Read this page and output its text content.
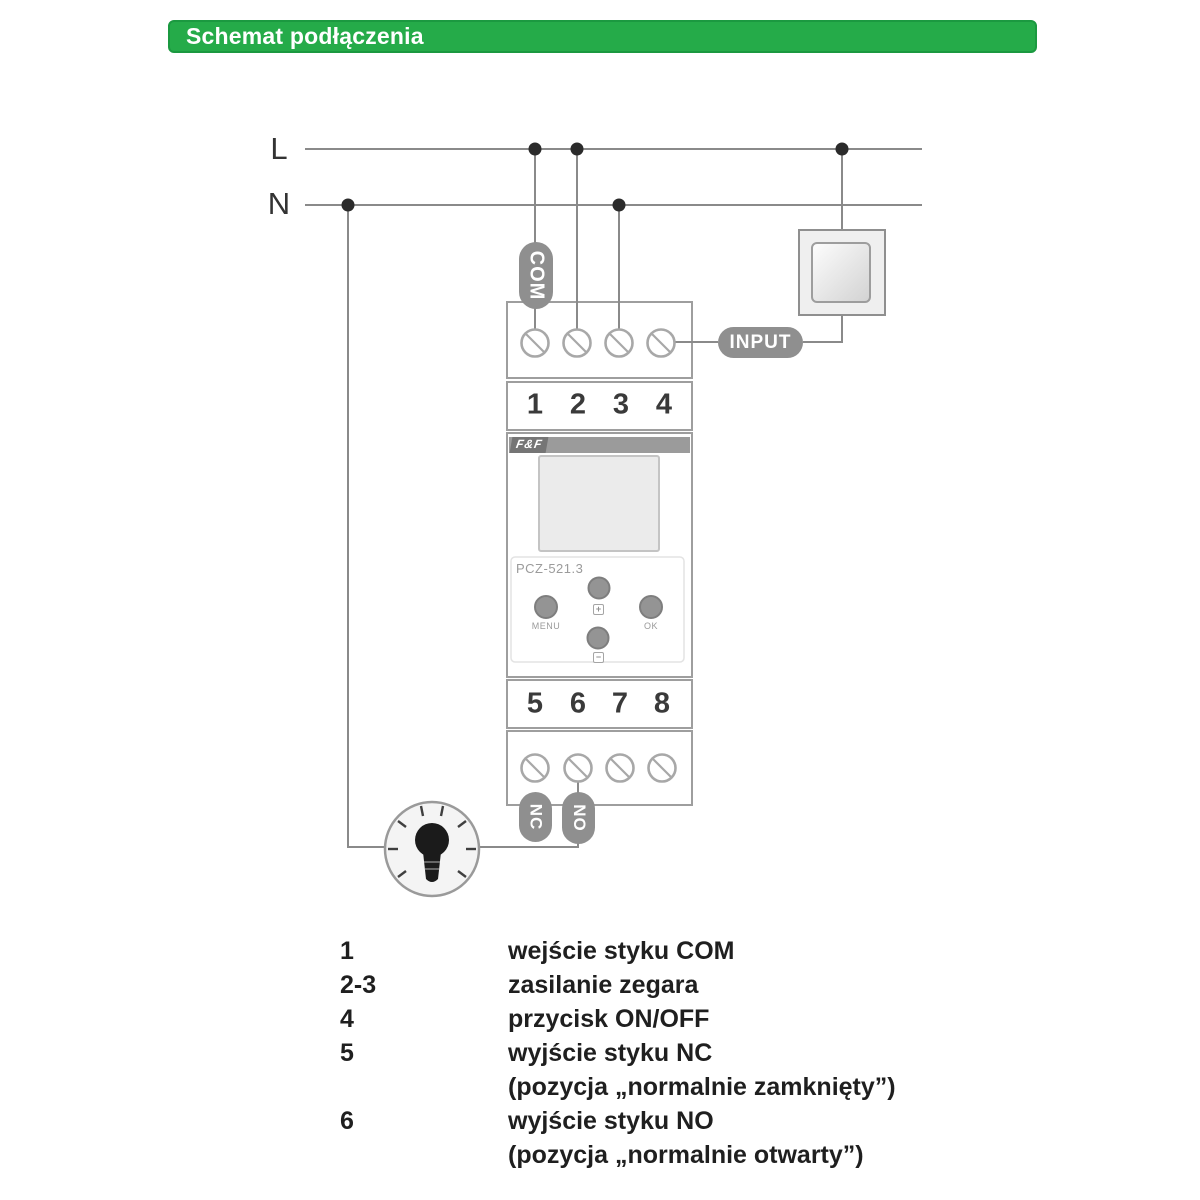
Schemat podłączenia
L
N
COM
INPUT
NC NO
1 2 3 4
5 6 7 8
F&F
PCZ-521.3
MENU	OK
+
−
1	wejście styku COM
2-3	zasilanie zegara
4	przycisk ON/OFF
5	wyjście styku NC
(pozycja „normalnie zamknięty”)
6	wyjście styku NO
(pozycja „normalnie otwarty”)
